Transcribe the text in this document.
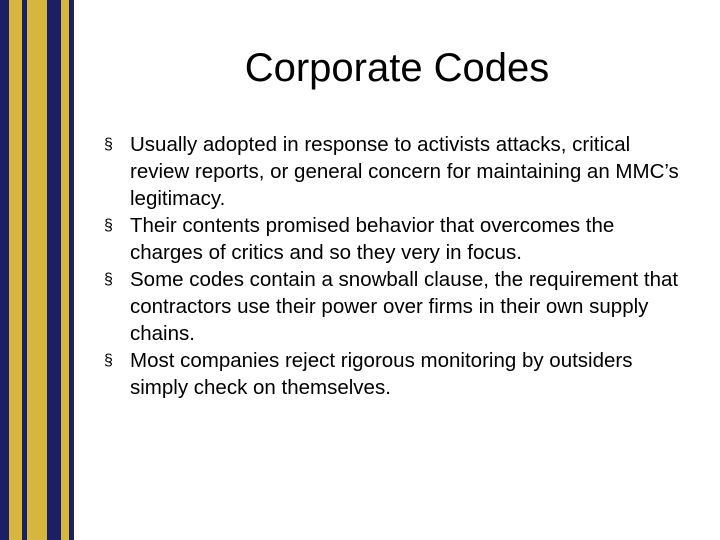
Corporate Codes
§ Usually adopted in response to activists attacks, critical review reports, or general concern for maintaining an MMC’s legitimacy.
§ Their contents promised behavior that overcomes the charges of critics and so they very in focus.
§ Some codes contain a snowball clause, the requirement that contractors use their power over firms in their own supply chains.
§ Most companies reject rigorous monitoring by outsiders simply check on themselves.
